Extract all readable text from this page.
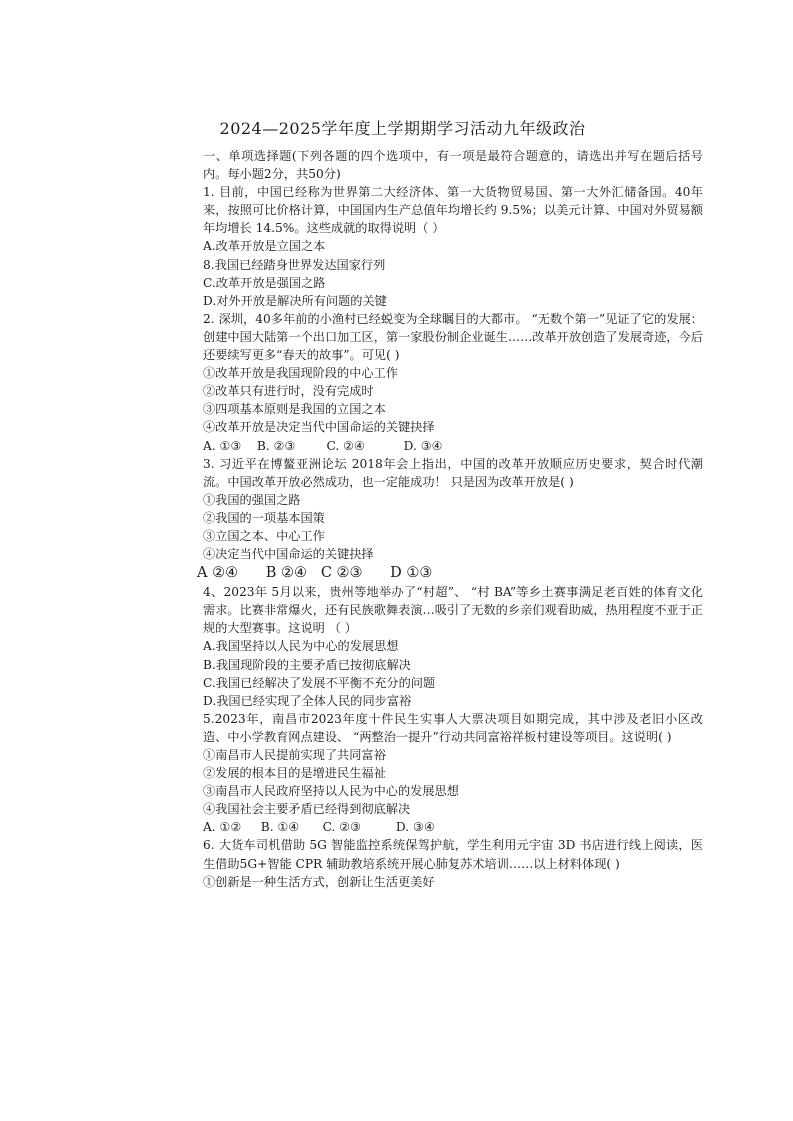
2024—2025学年度上学期期学习活动九年级政治

一、单项选择题(下列各题的四个选项中，有一项是最符合题意的，请选出并写在题后括号内。每小题2分，共50分)

1. 目前，中国已经称为世界第二大经济体、第一大货物贸易国、第一大外汇储备国。40年来，按照可比价格计算，中国国内生产总值年均增长约 9.5%；以美元计算、中国对外贸易额年均增长 14.5%。这些成就的取得说明（ ）

A.改革开放是立国之本

8.我国已经踏身世界发达国家行列

C.改革开放是强国之路

D.对外开放是解决所有问题的关键

2. 深圳，40多年前的小渔村已经蜕变为全球瞩目的大都市。 “无数个第一”见证了它的发展：创建中国大陆第一个出口加工区，第一家股份制企业诞生……改革开放创造了发展奇迹，今后还要续写更多“春天的故事”。可见( )

①改革开放是我国现阶段的中心工作

②改革只有进行时，没有完成时

③四项基本原则是我国的立国之本

④改革开放是决定当代中国命运的关键抉择

A. ①③    B. ②③        C. ②④          D. ③④

3. 习近平在博鳌亚洲论坛 2018年会上指出，中国的改革开放顺应历史要求，契合时代潮流。中国改革开放必然成功，也一定能成功！ 只是因为改革开放是( )

①我国的强国之路

②我国的一项基本国策

③立国之本、中心工作

④决定当代中国命运的关键抉择

A ②④      B ②④   C ②③      D ①③

4、2023年 5月以来，贵州等地举办了“村超”、 “村 BA”等乡土赛事满足老百姓的体育文化需求。比赛非常爆火，还有民族歌舞表演…吸引了无数的乡亲们观看助威，热用程度不亚于正规的大型赛事。这说明 （ ）

A.我国坚持以人民为中心的发展思想

B.我国现阶段的主要矛盾已按彻底解决

C.我国已经解决了发展不平衡不充分的问题

D.我国已经实现了全体人民的同步富裕

5.2023年，南昌市2023年度十件民生实事人大票决项目如期完成，其中涉及老旧小区改造、中小学教育网点建设、 “两整治一提升”行动共同富裕祥板村建设等项目。这说明( )

①南昌市人民提前实现了共同富裕

②发展的根本目的是增进民生福祉

③南昌市人民政府坚持以人民为中心的发展思想

④我国社会主要矛盾已经得到彻底解决

A. ①②     B. ①④      C. ②③         D. ③④

6. 大货车司机借助 5G 智能监控系统保驾护航，学生利用元宇宙 3D 书店进行线上阅读，医生借助5G+智能 CPR 辅助教培系统开展心肺复苏术培训……以上材料体现( )

①创新是一种生活方式，创新让生活更美好
